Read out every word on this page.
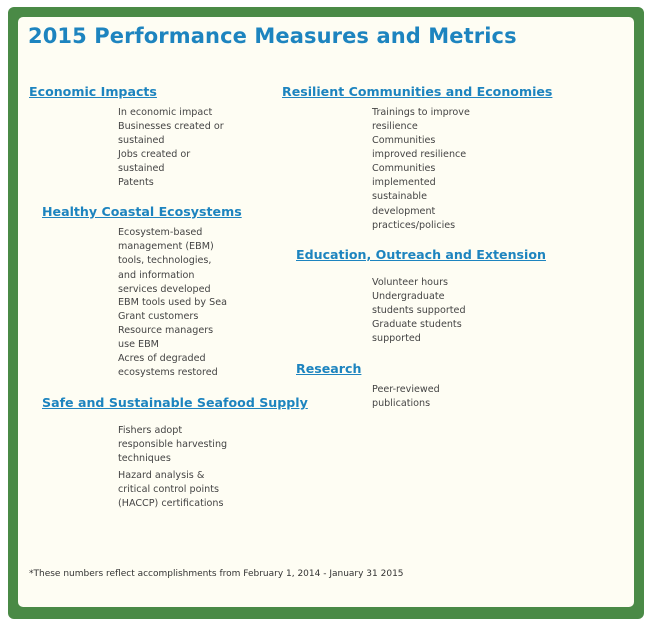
2015 Performance Measures and Metrics
Economic Impacts
In economic impact
Businesses created or sustained
Jobs created or sustained
Patents
Healthy Coastal Ecosystems
Ecosystem-based management (EBM) tools, technologies, and information services developed
EBM tools used by Sea Grant customers
Resource managers use EBM
Acres of degraded ecosystems restored
Safe and Sustainable Seafood Supply
Fishers adopt responsible harvesting techniques
Hazard analysis & critical control points (HACCP) certifications
Resilient Communities and Economies
Trainings to improve resilience
Communities improved resilience
Communities implemented sustainable development practices/policies
Education, Outreach and Extension
Volunteer hours
Undergraduate students supported
Graduate students supported
Research
Peer-reviewed publications
*These numbers reflect accomplishments from February 1, 2014 - January 31 2015
